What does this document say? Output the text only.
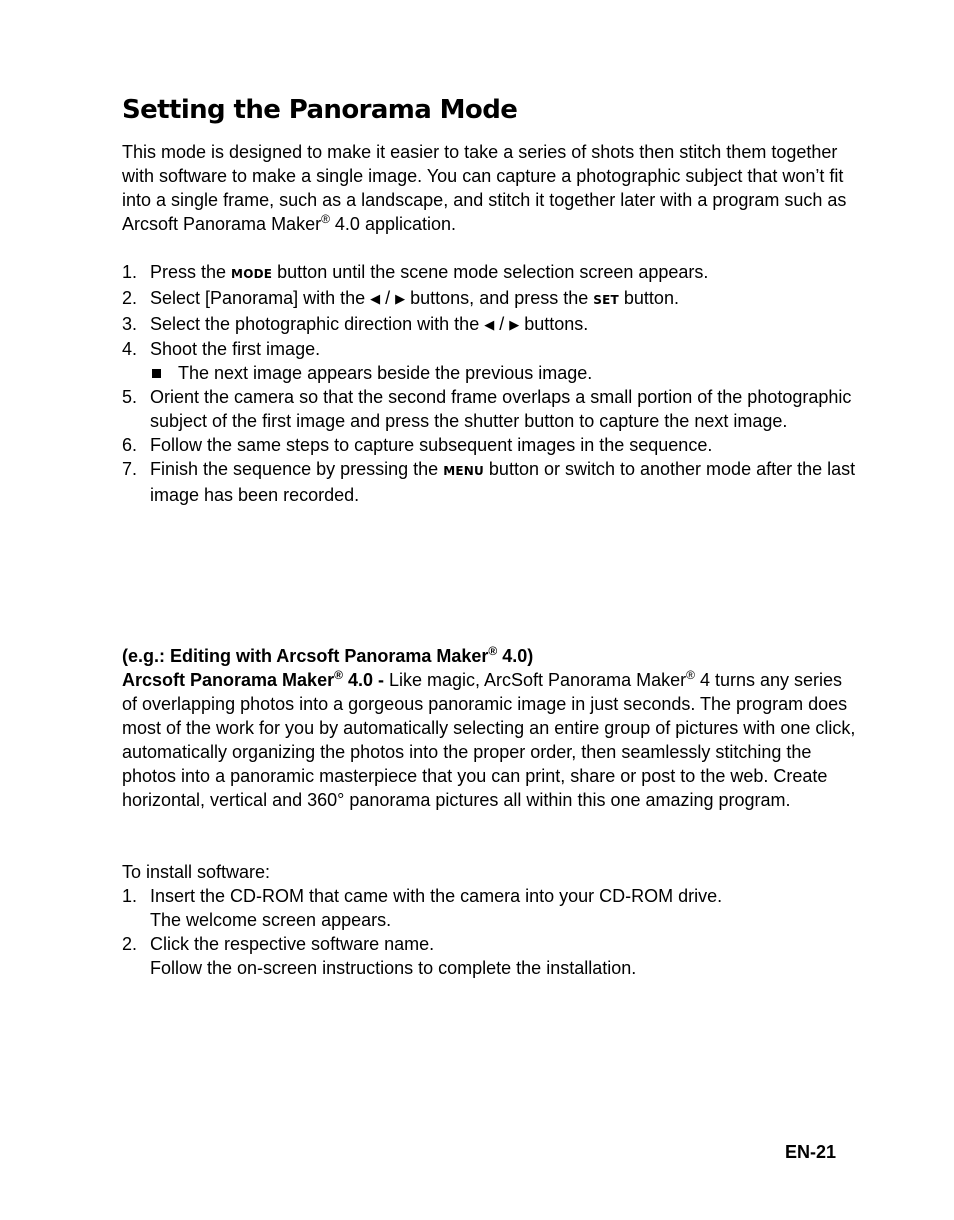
Setting the Panorama Mode

This mode is designed to make it easier to take a series of shots then stitch them together with software to make a single image. You can capture a photographic subject that won’t fit into a single frame, such as a landscape, and stitch it together later with a program such as Arcsoft Panorama Maker® 4.0 application.

1. Press the MODE button until the scene mode selection screen appears.
2. Select [Panorama] with the ◀ / ▶ buttons, and press the SET button.
3. Select the photographic direction with the ◀ / ▶ buttons.
4. Shoot the first image.
The next image appears beside the previous image.
5. Orient the camera so that the second frame overlaps a small portion of the photographic subject of the first image and press the shutter button to capture the next image.
6. Follow the same steps to capture subsequent images in the sequence.
7. Finish the sequence by pressing the MENU button or switch to another mode after the last image has been recorded.
(e.g.: Editing with Arcsoft Panorama Maker® 4.0)
Arcsoft Panorama Maker® 4.0 - Like magic, ArcSoft Panorama Maker® 4 turns any series of overlapping photos into a gorgeous panoramic image in just seconds. The program does most of the work for you by automatically selecting an entire group of pictures with one click, automatically organizing the photos into the proper order, then seamlessly stitching the photos into a panoramic masterpiece that you can print, share or post to the web. Create horizontal, vertical and 360° panorama pictures all within this one amazing program.

To install software:

1. Insert the CD-ROM that came with the camera into your CD-ROM drive.
The welcome screen appears.
2. Click the respective software name.
Follow the on-screen instructions to complete the installation.
EN-21
